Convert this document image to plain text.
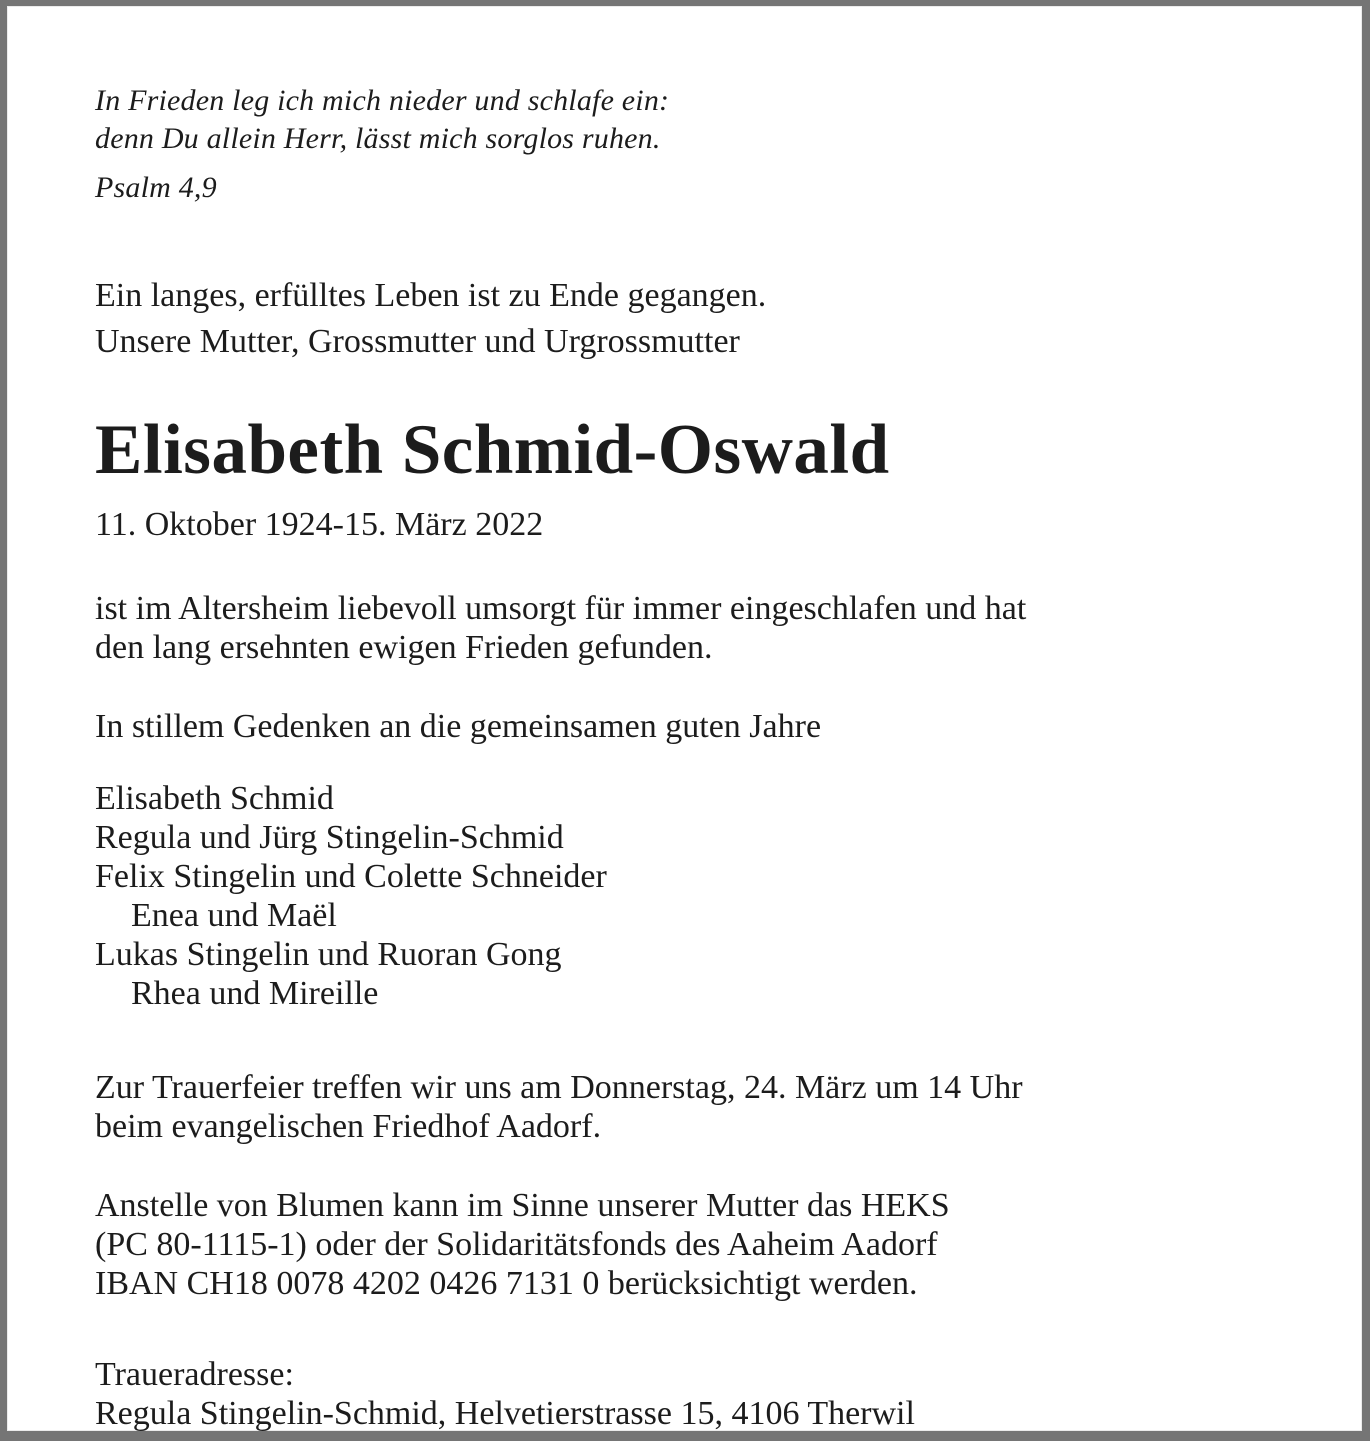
In Frieden leg ich mich nieder und schlafe ein:
denn Du allein Herr, lässt mich sorglos ruhen.
Psalm 4,9
Ein langes, erfülltes Leben ist zu Ende gegangen.
Unsere Mutter, Grossmutter und Urgrossmutter
Elisabeth Schmid-Oswald
11. Oktober 1924-15. März 2022
ist im Altersheim liebevoll umsorgt für immer eingeschlafen und hat
den lang ersehnten ewigen Frieden gefunden.
In stillem Gedenken an die gemeinsamen guten Jahre
Elisabeth Schmid
Regula und Jürg Stingelin-Schmid
Felix Stingelin und Colette Schneider
Enea und Maël
Lukas Stingelin und Ruoran Gong
Rhea und Mireille
Zur Trauerfeier treffen wir uns am Donnerstag, 24. März um 14 Uhr
beim evangelischen Friedhof Aadorf.
Anstelle von Blumen kann im Sinne unserer Mutter das HEKS
(PC 80-1115-1) oder der Solidaritätsfonds des Aaheim Aadorf
IBAN CH18 0078 4202 0426 7131 0 berücksichtigt werden.
Traueradresse:
Regula Stingelin-Schmid, Helvetierstrasse 15, 4106 Therwil
